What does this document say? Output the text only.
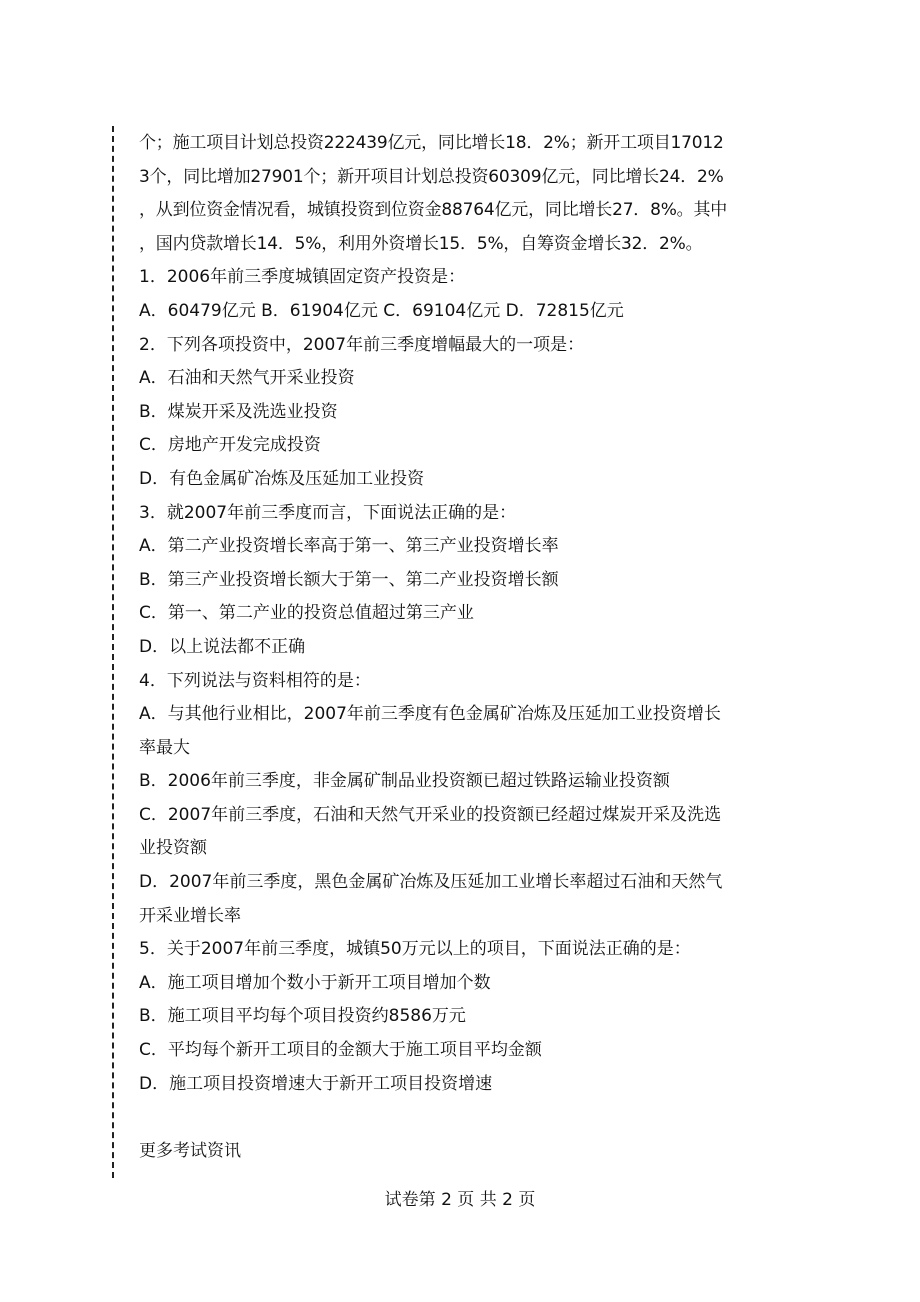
个；施工项目计划总投资222439亿元，同比增长18．2%；新开工项目17012
3个，同比增加27901个；新开项目计划总投资60309亿元，同比增长24．2%
，从到位资金情况看，城镇投资到位资金88764亿元，同比增长27．8%。其中
，国内贷款增长14．5%，利用外资增长15．5%，自筹资金增长32．2%。
1．2006年前三季度城镇固定资产投资是：
A．60479亿元 B．61904亿元 C．69104亿元 D．72815亿元
2．下列各项投资中，2007年前三季度增幅最大的一项是：
A．石油和天然气开采业投资
B．煤炭开采及洗选业投资
C．房地产开发完成投资
D．有色金属矿冶炼及压延加工业投资
3．就2007年前三季度而言，下面说法正确的是：
A．第二产业投资增长率高于第一、第三产业投资增长率
B．第三产业投资增长额大于第一、第二产业投资增长额
C．第一、第二产业的投资总值超过第三产业
D．以上说法都不正确
4．下列说法与资料相符的是：
A．与其他行业相比，2007年前三季度有色金属矿冶炼及压延加工业投资增长
率最大
B．2006年前三季度，非金属矿制品业投资额已超过铁路运输业投资额
C．2007年前三季度，石油和天然气开采业的投资额已经超过煤炭开采及洗选
业投资额
D．2007年前三季度，黑色金属矿冶炼及压延加工业增长率超过石油和天然气
开采业增长率
5．关于2007年前三季度，城镇50万元以上的项目，下面说法正确的是：
A．施工项目增加个数小于新开工项目增加个数
B．施工项目平均每个项目投资约8586万元
C．平均每个新开工项目的金额大于施工项目平均金额
D．施工项目投资增速大于新开工项目投资增速
更多考试资讯
试卷第 2 页 共 2 页
